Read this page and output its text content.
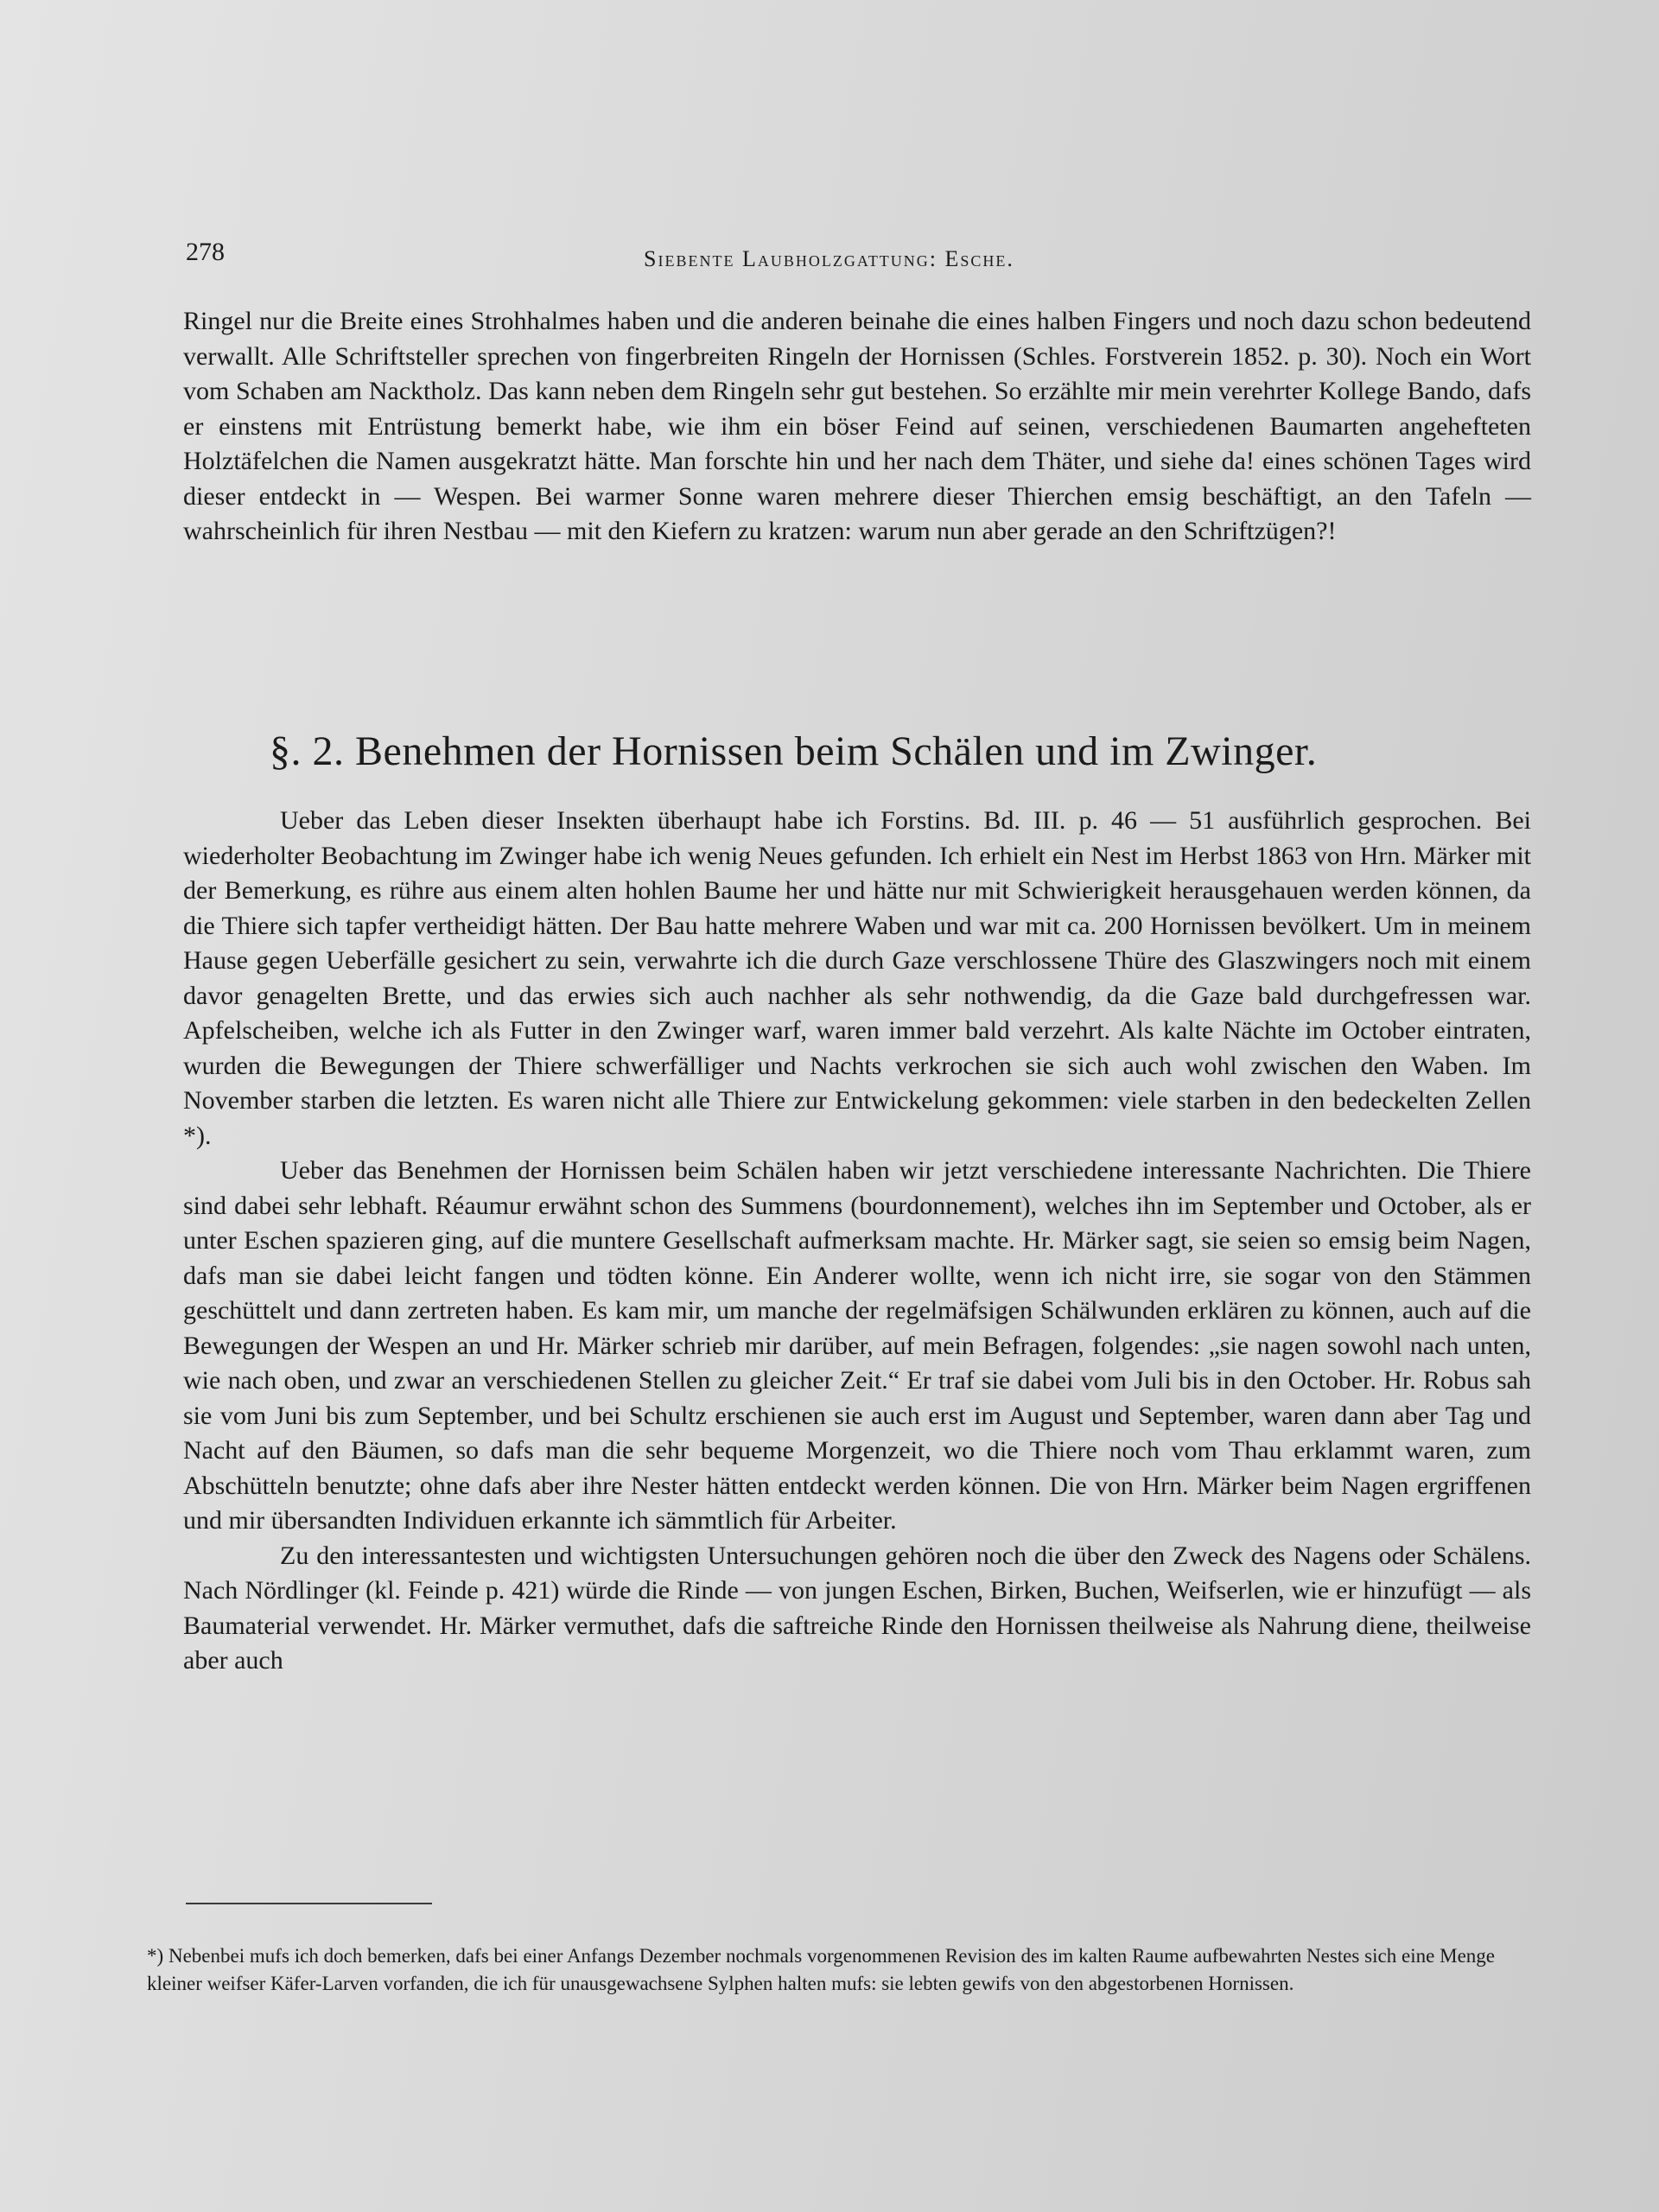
278	Siebente Laubholzgattung: Esche.

Ringel nur die Breite eines Strohhalmes haben und die anderen beinahe die eines halben Fingers und noch dazu schon bedeutend verwallt. Alle Schriftsteller sprechen von fingerbreiten Ringeln der Hornissen (Schles. Forstverein 1852. p. 30). Noch ein Wort vom Schaben am Nacktholz. Das kann neben dem Ringeln sehr gut bestehen. So erzählte mir mein verehrter Kollege Bando, dafs er einstens mit Entrüstung bemerkt habe, wie ihm ein böser Feind auf seinen, verschiedenen Baumarten angehefteten Holztäfelchen die Namen ausgekratzt hätte. Man forschte hin und her nach dem Thäter, und siehe da! eines schönen Tages wird dieser entdeckt in — Wespen. Bei warmer Sonne waren mehrere dieser Thierchen emsig beschäftigt, an den Tafeln — wahrscheinlich für ihren Nestbau — mit den Kiefern zu kratzen: warum nun aber gerade an den Schriftzügen?!

§. 2. Benehmen der Hornissen beim Schälen und im Zwinger.

Ueber das Leben dieser Insekten überhaupt habe ich Forstins. Bd. III. p. 46 — 51 ausführlich gesprochen. Bei wiederholter Beobachtung im Zwinger habe ich wenig Neues gefunden. Ich erhielt ein Nest im Herbst 1863 von Hrn. Märker mit der Bemerkung, es rühre aus einem alten hohlen Baume her und hätte nur mit Schwierigkeit herausgehauen werden können, da die Thiere sich tapfer vertheidigt hätten. Der Bau hatte mehrere Waben und war mit ca. 200 Hornissen bevölkert. Um in meinem Hause gegen Ueberfälle gesichert zu sein, verwahrte ich die durch Gaze verschlossene Thüre des Glaszwingers noch mit einem davor genagelten Brette, und das erwies sich auch nachher als sehr nothwendig, da die Gaze bald durchgefressen war. Apfelscheiben, welche ich als Futter in den Zwinger warf, waren immer bald verzehrt. Als kalte Nächte im October eintraten, wurden die Bewegungen der Thiere schwerfälliger und Nachts verkrochen sie sich auch wohl zwischen den Waben. Im November starben die letzten. Es waren nicht alle Thiere zur Entwickelung gekommen: viele starben in den bedeckelten Zellen *).

Ueber das Benehmen der Hornissen beim Schälen haben wir jetzt verschiedene interessante Nachrichten. Die Thiere sind dabei sehr lebhaft. Réaumur erwähnt schon des Summens (bourdonnement), welches ihn im September und October, als er unter Eschen spazieren ging, auf die muntere Gesellschaft aufmerksam machte. Hr. Märker sagt, sie seien so emsig beim Nagen, dafs man sie dabei leicht fangen und tödten könne. Ein Anderer wollte, wenn ich nicht irre, sie sogar von den Stämmen geschüttelt und dann zertreten haben. Es kam mir, um manche der regelmäfsigen Schälwunden erklären zu können, auch auf die Bewegungen der Wespen an und Hr. Märker schrieb mir darüber, auf mein Befragen, folgendes: „sie nagen sowohl nach unten, wie nach oben, und zwar an verschiedenen Stellen zu gleicher Zeit.“ Er traf sie dabei vom Juli bis in den October. Hr. Robus sah sie vom Juni bis zum September, und bei Schultz erschienen sie auch erst im August und September, waren dann aber Tag und Nacht auf den Bäumen, so dafs man die sehr bequeme Morgenzeit, wo die Thiere noch vom Thau erklammt waren, zum Abschütteln benutzte; ohne dafs aber ihre Nester hätten entdeckt werden können. Die von Hrn. Märker beim Nagen ergriffenen und mir übersandten Individuen erkannte ich sämmtlich für Arbeiter.

Zu den interessantesten und wichtigsten Untersuchungen gehören noch die über den Zweck des Nagens oder Schälens. Nach Nördlinger (kl. Feinde p. 421) würde die Rinde — von jungen Eschen, Birken, Buchen, Weifserlen, wie er hinzufügt — als Baumaterial verwendet. Hr. Märker vermuthet, dafs die saftreiche Rinde den Hornissen theilweise als Nahrung diene, theilweise aber auch

*) Nebenbei mufs ich doch bemerken, dafs bei einer Anfangs Dezember nochmals vorgenommenen Revision des im kalten Raume aufbewahrten Nestes sich eine Menge kleiner weifser Käfer-Larven vorfanden, die ich für unausgewachsene Sylphen halten mufs: sie lebten gewifs von den abgestorbenen Hornissen.
